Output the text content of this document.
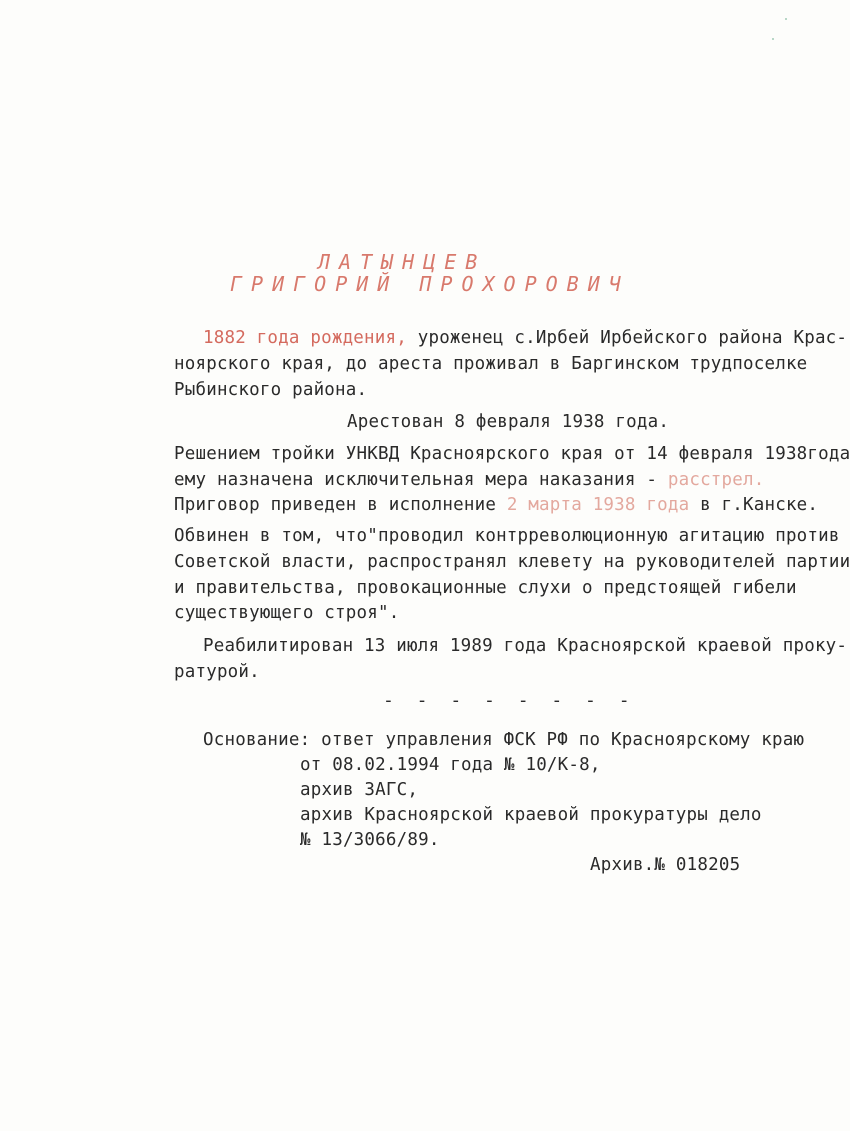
ЛАТЫНЦЕВ
ГРИГОРИЙ ПРОХОРОВИЧ
1882 года рождения, уроженец с.Ирбей Ирбейского района Крас-
ноярского края, до ареста проживал в Баргинском трудпоселке
Рыбинского района.
Арестован 8 февраля 1938 года.
Решением тройки УНКВД Красноярского края от 14 февраля 1938года
ему назначена исключительная мера наказания - расстрел.
Приговор приведен в исполнение 2 марта 1938 года в г.Канске.
Обвинен в том, что"проводил контрреволюционную агитацию против
Советской власти, распространял клевету на руководителей партии
и правительства, провокационные слухи о предстоящей гибели
существующего строя".
Реабилитирован 13 июля 1989 года Красноярской краевой проку-
ратурой.
- - - - - - - -
Основание: ответ управления ФСК РФ по Красноярскому краю
от 08.02.1994 года № 10/К-8,
архив ЗАГС,
архив Красноярской краевой прокуратуры дело
№ 13/3066/89.
Архив.№ 018205
